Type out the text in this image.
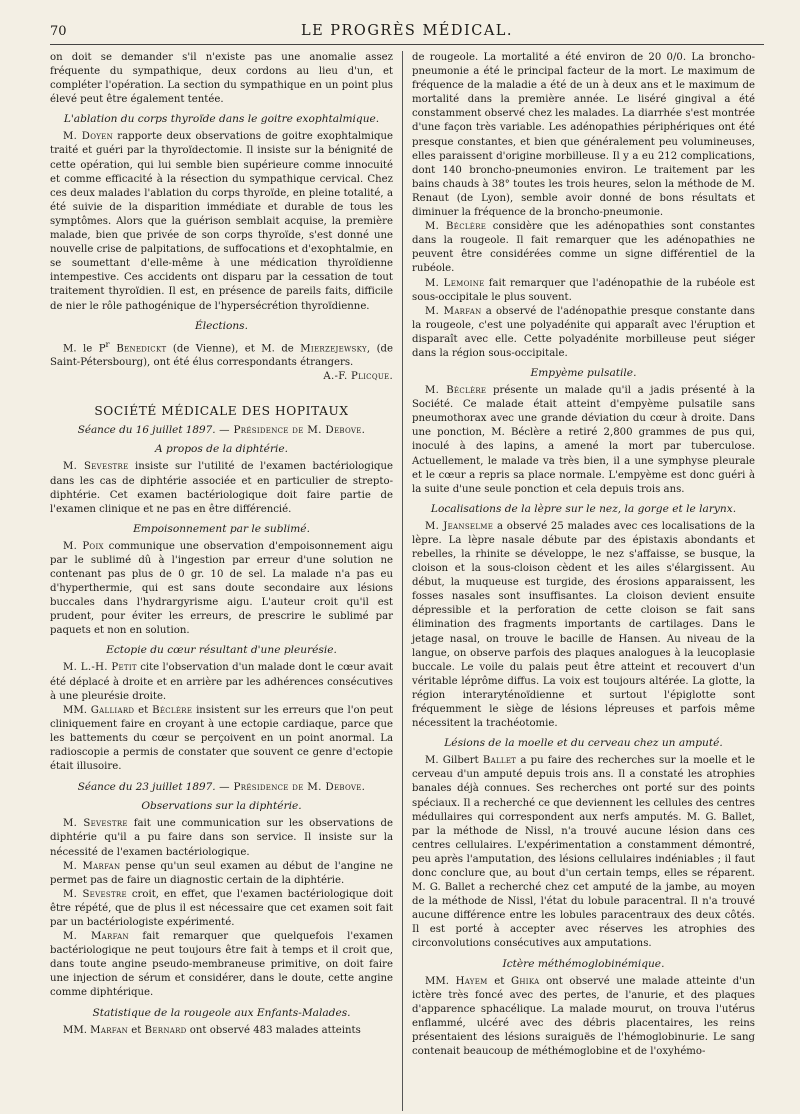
70	LE PROGRÈS MÉDICAL.

on doit se demander s'il n'existe pas une anomalie assez fréquente du sympathique, deux cordons au lieu d'un, et compléter l'opération. La section du sympathique en un point plus élevé peut être également tentée.

L'ablation du corps thyroïde dans le goitre exophtalmique.

M. Doyen rapporte deux observations de goitre exophtalmique traité et guéri par la thyroïdectomie. Il insiste sur la bénignité de cette opération, qui lui semble bien supérieure comme innocuité et comme efficacité à la résection du sympathique cervical. Chez ces deux malades l'ablation du corps thyroïde, en pleine totalité, a été suivie de la disparition immédiate et durable de tous les symptômes. Alors que la guérison semblait acquise, la première malade, bien que privée de son corps thyroïde, s'est donné une nouvelle crise de palpitations, de suffocations et d'exophtalmie, en se soumettant d'elle-même à une médication thyroïdienne intempestive. Ces accidents ont disparu par la cessation de tout traitement thyroïdien. Il est, en présence de pareils faits, difficile de nier le rôle pathogénique de l'hypersécrétion thyroïdienne.

Élections.

M. le $P^r$ Benedickt (de Vienne), et M. de Mierzejewsky, (de Saint-Pétersbourg), ont été élus correspondants étrangers.

A.-F. Plicque.

SOCIÉTÉ MÉDICALE DES HOPITAUX
Séance du 16 juillet 1897. — Présidence de M. Debove.
A propos de la diphtérie.

M. Sevestre insiste sur l'utilité de l'examen bactériologique dans les cas de diphtérie associée et en particulier de strepto-diphtérie. Cet examen bactériologique doit faire partie de l'examen clinique et ne pas en être différencié.

Empoisonnement par le sublimé.

M. Poix communique une observation d'empoisonnement aigu par le sublimé dû à l'ingestion par erreur d'une solution ne contenant pas plus de 0 gr. 10 de sel. La malade n'a pas eu d'hyperthermie, qui est sans doute secondaire aux lésions buccales dans l'hydrargyrisme aigu. L'auteur croit qu'il est prudent, pour éviter les erreurs, de prescrire le sublimé par paquets et non en solution.

Ectopie du cœur résultant d'une pleurésie.

M. L.-H. Petit cite l'observation d'un malade dont le cœur avait été déplacé à droite et en arrière par les adhérences consécutives à une pleurésie droite.

MM. Galliard et Béclère insistent sur les erreurs que l'on peut cliniquement faire en croyant à une ectopie cardiaque, parce que les battements du cœur se perçoivent en un point anormal. La radioscopie a permis de constater que souvent ce genre d'ectopie était illusoire.

Séance du 23 juillet 1897. — Présidence de M. Debove.
Observations sur la diphtérie.

M. Sevestre fait une communication sur les observations de diphtérie qu'il a pu faire dans son service. Il insiste sur la nécessité de l'examen bactériologique.

M. Marfan pense qu'un seul examen au début de l'angine ne permet pas de faire un diagnostic certain de la diphtérie.

M. Sevestre croit, en effet, que l'examen bactériologique doit être répété, que de plus il est nécessaire que cet examen soit fait par un bactériologiste expérimenté.

M. Marfan fait remarquer que quelquefois l'examen bactériologique ne peut toujours être fait à temps et il croit que, dans toute angine pseudo-membraneuse primitive, on doit faire une injection de sérum et considérer, dans le doute, cette angine comme diphtérique.

Statistique de la rougeole aux Enfants-Malades.

MM. Marfan et Bernard ont observé 483 malades atteints

de rougeole. La mortalité a été environ de 20 0/0. La broncho-pneumonie a été le principal facteur de la mort. Le maximum de fréquence de la maladie a été de un à deux ans et le maximum de mortalité dans la première année. Le liséré gingival a été constamment observé chez les malades. La diarrhée s'est montrée d'une façon très variable. Les adénopathies périphériques ont été presque constantes, et bien que généralement peu volumineuses, elles paraissent d'origine morbilleuse. Il y a eu 212 complications, dont 140 broncho-pneumonies environ. Le traitement par les bains chauds à 38° toutes les trois heures, selon la méthode de M. Renaut (de Lyon), semble avoir donné de bons résultats et diminuer la fréquence de la broncho-pneumonie.

M. Béclère considère que les adénopathies sont constantes dans la rougeole. Il fait remarquer que les adénopathies ne peuvent être considérées comme un signe différentiel de la rubéole.

M. Lemoine fait remarquer que l'adénopathie de la rubéole est sous-occipitale le plus souvent.

M. Marfan a observé de l'adénopathie presque constante dans la rougeole, c'est une polyadénite qui apparaît avec l'éruption et disparaît avec elle. Cette polyadénite morbilleuse peut siéger dans la région sous-occipitale.

Empyème pulsatile.

M. Béclère présente un malade qu'il a jadis présenté à la Société. Ce malade était atteint d'empyème pulsatile sans pneumothorax avec une grande déviation du cœur à droite. Dans une ponction, M. Béclère a retiré 2,800 grammes de pus qui, inoculé à des lapins, a amené la mort par tuberculose. Actuellement, le malade va très bien, il a une symphyse pleurale et le cœur a repris sa place normale. L'empyème est donc guéri à la suite d'une seule ponction et cela depuis trois ans.

Localisations de la lèpre sur le nez, la gorge et le larynx.

M. Jeanselme a observé 25 malades avec ces localisations de la lèpre. La lèpre nasale débute par des épistaxis abondants et rebelles, la rhinite se développe, le nez s'affaisse, se busque, la cloison et la sous-cloison cèdent et les ailes s'élargissent. Au début, la muqueuse est turgide, des érosions apparaissent, les fosses nasales sont insuffisantes. La cloison devient ensuite dépressible et la perforation de cette cloison se fait sans élimination des fragments importants de cartilages. Dans le jetage nasal, on trouve le bacille de Hansen. Au niveau de la langue, on observe parfois des plaques analogues à la leucoplasie buccale. Le voile du palais peut être atteint et recouvert d'un véritable léprôme diffus. La voix est toujours altérée. La glotte, la région interaryténoïdienne et surtout l'épiglotte sont fréquemment le siège de lésions lépreuses et parfois même nécessitent la trachéotomie.

Lésions de la moelle et du cerveau chez un amputé.

M. Gilbert Ballet a pu faire des recherches sur la moelle et le cerveau d'un amputé depuis trois ans. Il a constaté les atrophies banales déjà connues. Ses recherches ont porté sur des points spéciaux. Il a recherché ce que deviennent les cellules des centres médullaires qui correspondent aux nerfs amputés. M. G. Ballet, par la méthode de Nissl, n'a trouvé aucune lésion dans ces centres cellulaires. L'expérimentation a constamment démontré, peu après l'amputation, des lésions cellulaires indéniables ; il faut donc conclure que, au bout d'un certain temps, elles se réparent. M. G. Ballet a recherché chez cet amputé de la jambe, au moyen de la méthode de Nissl, l'état du lobule paracentral. Il n'a trouvé aucune différence entre les lobules paracentraux des deux côtés. Il est porté à accepter avec réserves les atrophies des circonvolutions consécutives aux amputations.

Ictère méthémoglobinémique.

MM. Hayem et Ghika ont observé une malade atteinte d'un ictère très foncé avec des pertes, de l'anurie, et des plaques d'apparence sphacélique. La malade mourut, on trouva l'utérus enflammé, ulcéré avec des débris placentaires, les reins présentaient des lésions suraiguës de l'hémoglobinurie. Le sang contenait beaucoup de méthémoglobine et de l'oxyhémo-
